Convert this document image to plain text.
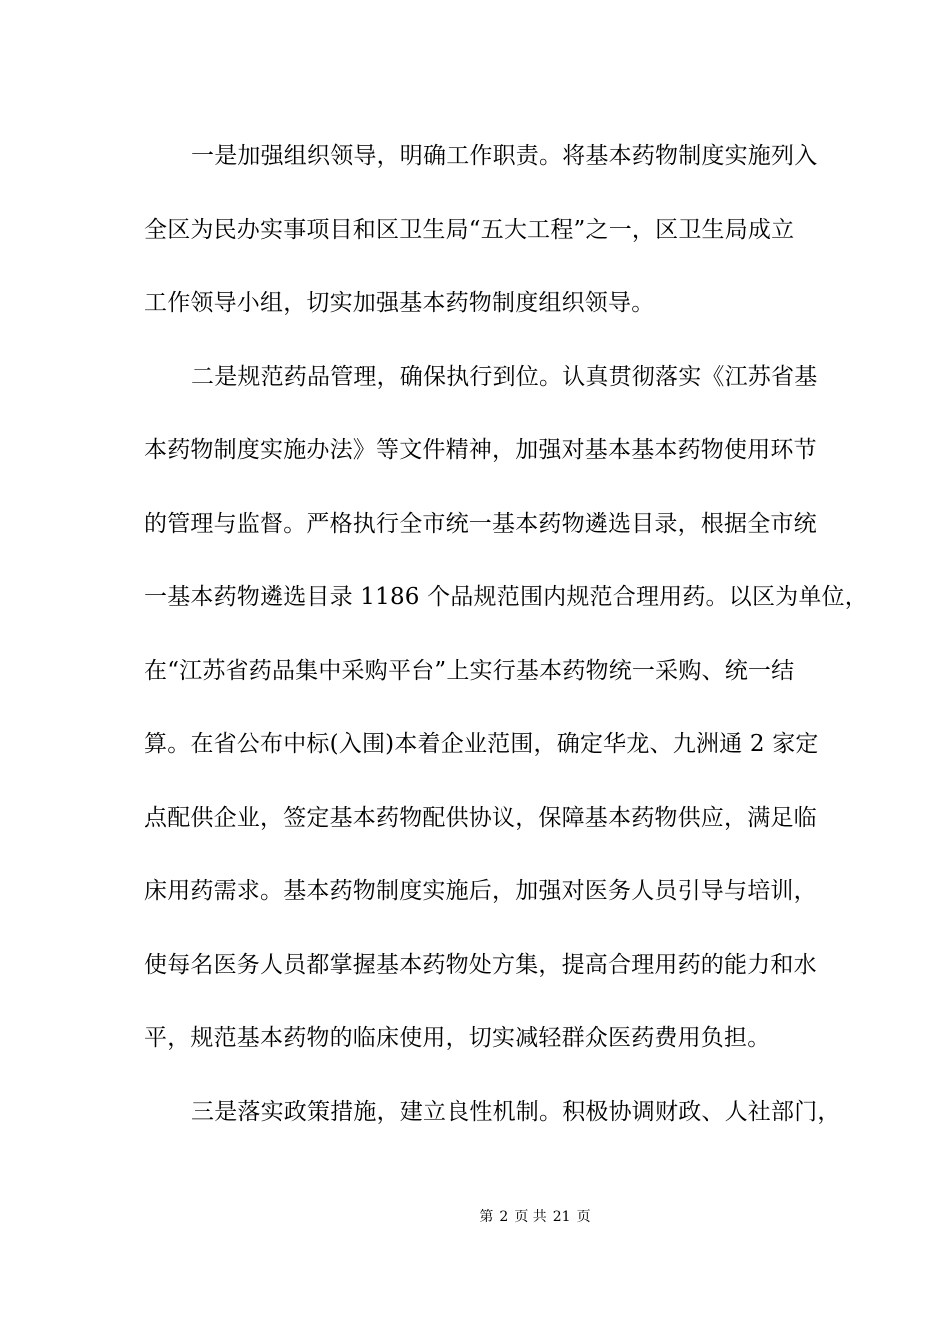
一是加强组织领导，明确工作职责。将基本药物制度实施列入
全区为民办实事项目和区卫生局“五大工程”之一，区卫生局成立
工作领导小组，切实加强基本药物制度组织领导。
二是规范药品管理，确保执行到位。认真贯彻落实《江苏省基
本药物制度实施办法》等文件精神，加强对基本基本药物使用环节
的管理与监督。严格执行全市统一基本药物遴选目录，根据全市统
一基本药物遴选目录 1186 个品规范围内规范合理用药。以区为单位，
在“江苏省药品集中采购平台”上实行基本药物统一采购、统一结
算。在省公布中标(入围)本着企业范围，确定华龙、九洲通 2 家定
点配供企业，签定基本药物配供协议，保障基本药物供应，满足临
床用药需求。基本药物制度实施后，加强对医务人员引导与培训，
使每名医务人员都掌握基本药物处方集，提高合理用药的能力和水
平，规范基本药物的临床使用，切实减轻群众医药费用负担。
三是落实政策措施，建立良性机制。积极协调财政、人社部门，
第 2 页 共 21 页
